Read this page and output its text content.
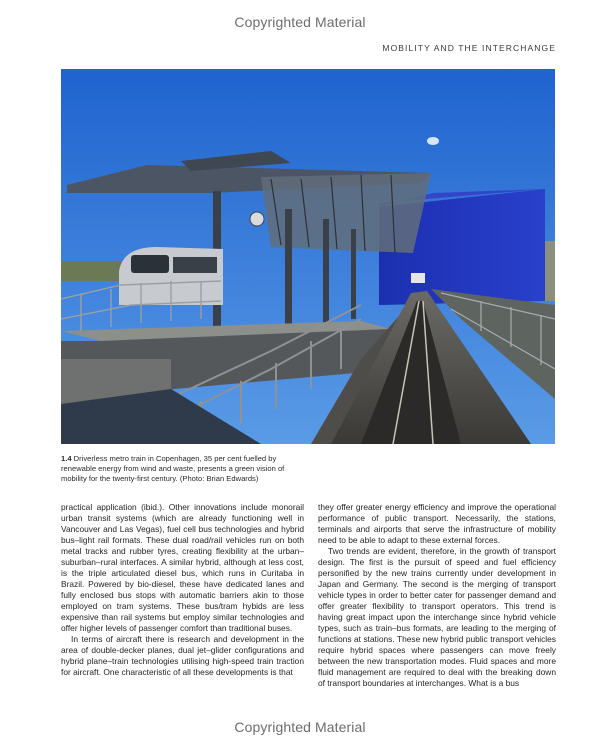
Copyrighted Material
MOBILITY AND THE INTERCHANGE
1.4 Driverless metro train in Copenhagen, 35 per cent fuelled by renewable energy from wind and waste, presents a green vision of mobility for the twenty-first century. (Photo: Brian Edwards)

practical application (ibid.). Other innovations include monorail urban transit systems (which are already functioning well in Vancouver and Las Vegas), fuel cell bus technologies and hybrid bus–light rail formats. These dual road/rail vehicles run on both metal tracks and rubber tyres, creating flexibility at the urban–suburban–rural interfaces. A similar hybrid, although at less cost, is the triple articulated diesel bus, which runs in Curitaba in Brazil. Powered by bio-diesel, these have dedicated lanes and fully enclosed bus stops with automatic barriers akin to those employed on tram systems. These bus/tram hybids are less expensive than rail systems but employ similar technologies and offer higher levels of passenger comfort than traditional buses.

In terms of aircraft there is research and development in the area of double-decker planes, dual jet–glider configurations and hybrid plane–train technologies utilising high-speed train traction for aircraft. One characteristic of all these developments is that

they offer greater energy efficiency and improve the operational performance of public transport. Necessarily, the stations, terminals and airports that serve the infrastructure of mobility need to be able to adapt to these external forces.

Two trends are evident, therefore, in the growth of transport design. The first is the pursuit of speed and fuel efficiency personified by the new trains currently under development in Japan and Germany. The second is the merging of transport vehicle types in order to better cater for passenger demand and offer greater flexibility to transport operators. This trend is having great impact upon the interchange since hybrid vehicle types, such as train–bus formats, are leading to the merging of functions at stations. These new hybrid public transport vehicles require hybrid spaces where passengers can move freely between the new transportation modes. Fluid spaces and more fluid management are required to deal with the breaking down of transport boundaries at interchanges. What is a bus

Copyrighted Material
